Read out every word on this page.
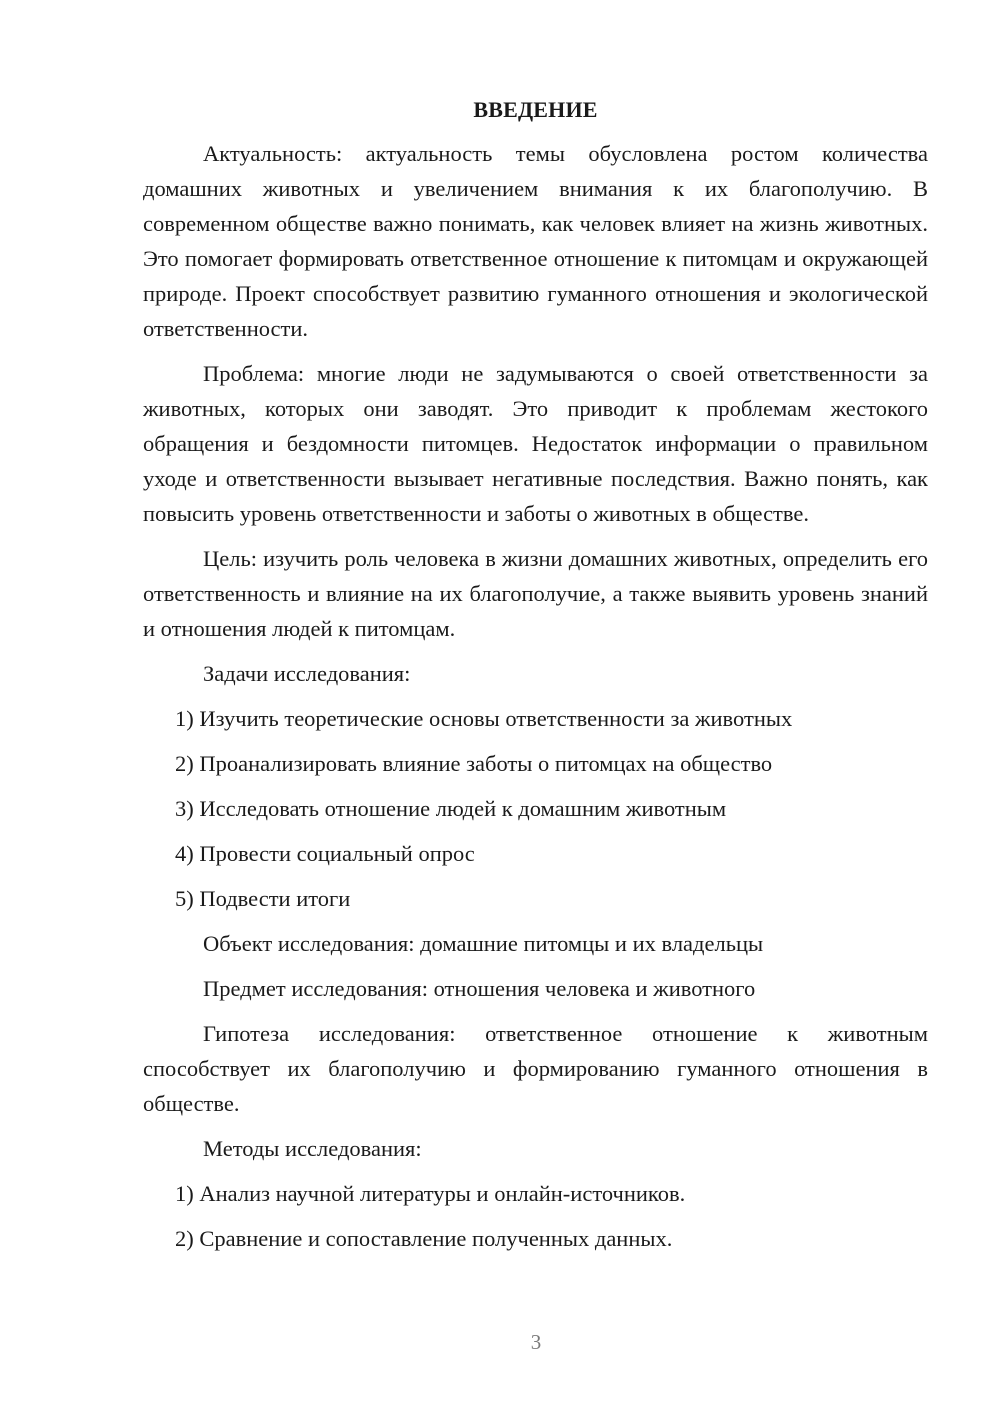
ВВЕДЕНИЕ

Актуальность: актуальность темы обусловлена ростом количества домашних животных и увеличением внимания к их благополучию. В современном обществе важно понимать, как человек влияет на жизнь животных. Это помогает формировать ответственное отношение к питомцам и окружающей природе. Проект способствует развитию гуманного отношения и экологической ответственности.

Проблема: многие люди не задумываются о своей ответственности за животных, которых они заводят. Это приводит к проблемам жестокого обращения и бездомности питомцев. Недостаток информации о правильном уходе и ответственности вызывает негативные последствия. Важно понять, как повысить уровень ответственности и заботы о животных в обществе.

Цель: изучить роль человека в жизни домашних животных, определить его ответственность и влияние на их благополучие, а также выявить уровень знаний и отношения людей к питомцам.

Задачи исследования:

1) Изучить теоретические основы ответственности за животных

2) Проанализировать влияние заботы о питомцах на общество

3) Исследовать отношение людей к домашним животным

4) Провести социальный опрос

5) Подвести итоги

Объект исследования: домашние питомцы и их владельцы

Предмет исследования: отношения человека и животного

Гипотеза исследования: ответственное отношение к животным способствует их благополучию и формированию гуманного отношения в обществе.

Методы исследования:

1) Анализ научной литературы и онлайн-источников.

2) Сравнение и сопоставление полученных данных.

3
